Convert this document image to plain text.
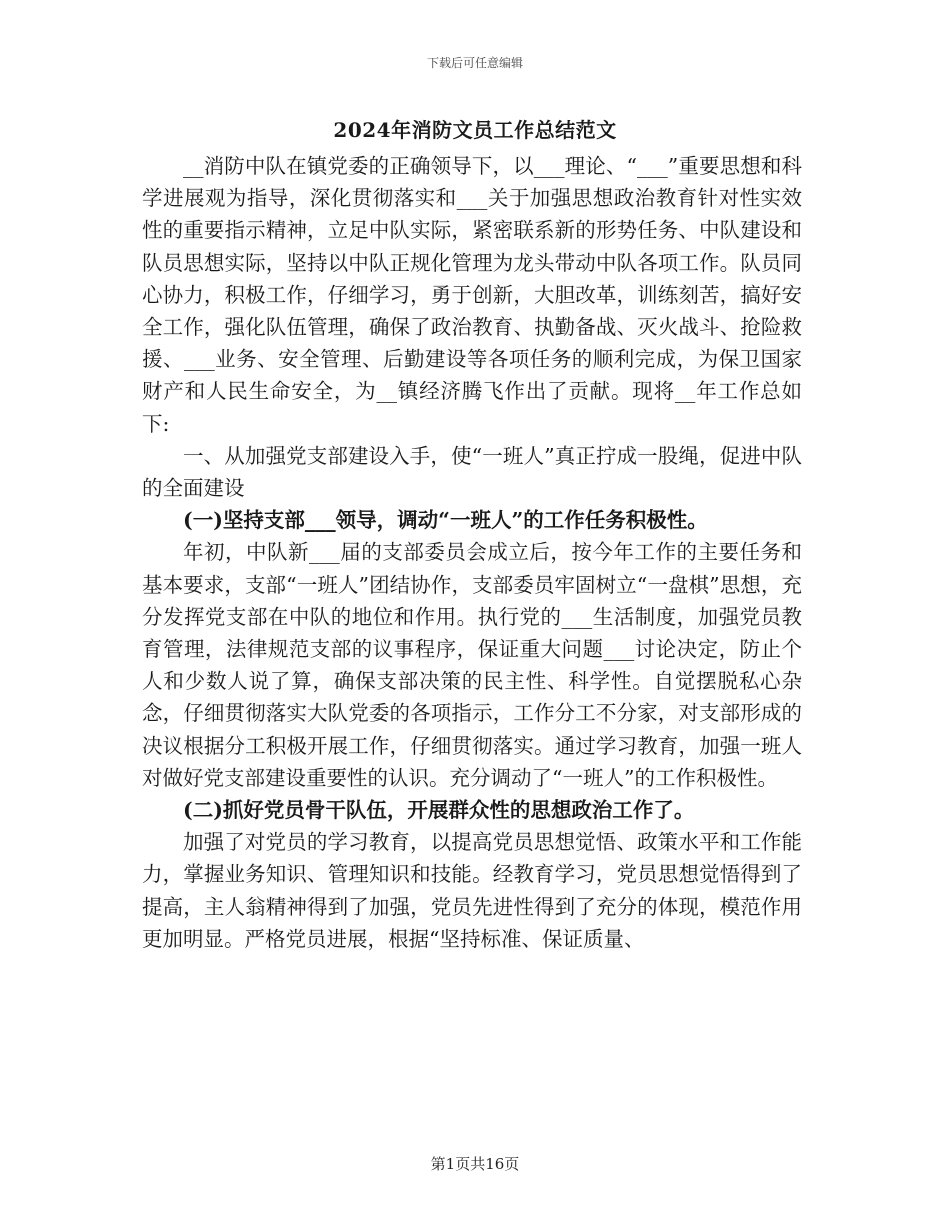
下载后可任意编辑
2024年消防文员工作总结范文

__消防中队在镇党委的正确领导下，以___理论、“___”重要思想和科学进展观为指导，深化贯彻落实和___关于加强思想政治教育针对性实效性的重要指示精神，立足中队实际，紧密联系新的形势任务、中队建设和队员思想实际，坚持以中队正规化管理为龙头带动中队各项工作。队员同心协力，积极工作，仔细学习，勇于创新，大胆改革，训练刻苦，搞好安全工作，强化队伍管理，确保了政治教育、执勤备战、灭火战斗、抢险救援、___业务、安全管理、后勤建设等各项任务的顺利完成，为保卫国家财产和人民生命安全，为__镇经济腾飞作出了贡献。现将__年工作总如下:

一、从加强党支部建设入手，使“一班人”真正拧成一股绳，促进中队的全面建设

(一)坚持支部___领导，调动“一班人”的工作任务积极性。

年初，中队新___届的支部委员会成立后，按今年工作的主要任务和基本要求，支部“一班人”团结协作，支部委员牢固树立“一盘棋”思想，充分发挥党支部在中队的地位和作用。执行党的___生活制度，加强党员教育管理，法律规范支部的议事程序，保证重大问题___讨论决定，防止个人和少数人说了算，确保支部决策的民主性、科学性。自觉摆脱私心杂念，仔细贯彻落实大队党委的各项指示，工作分工不分家，对支部形成的决议根据分工积极开展工作，仔细贯彻落实。通过学习教育，加强一班人对做好党支部建设重要性的认识。充分调动了“一班人”的工作积极性。

(二)抓好党员骨干队伍，开展群众性的思想政治工作了。

加强了对党员的学习教育，以提高党员思想觉悟、政策水平和工作能力，掌握业务知识、管理知识和技能。经教育学习，党员思想觉悟得到了提高，主人翁精神得到了加强，党员先进性得到了充分的体现，模范作用更加明显。严格党员进展，根据“坚持标准、保证质量、

第1页共16页
